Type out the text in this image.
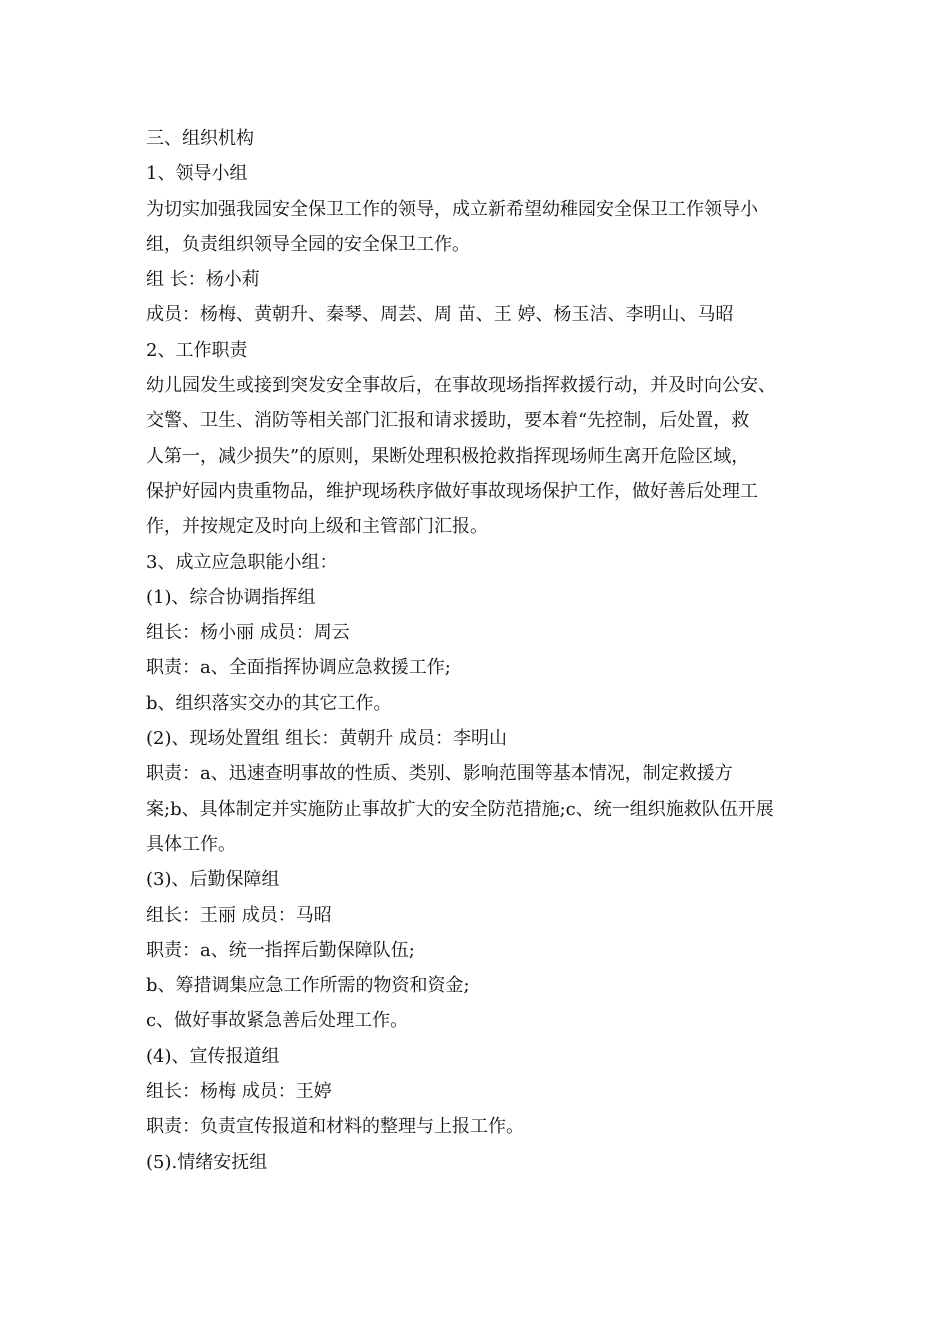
三、组织机构
1、领导小组
为切实加强我园安全保卫工作的领导，成立新希望幼稚园安全保卫工作领导小
组，负责组织领导全园的安全保卫工作。
组 长：杨小莉
成员：杨梅、黄朝升、秦琴、周芸、周 苗、王 婷、杨玉洁、李明山、马昭
2、工作职责
幼儿园发生或接到突发安全事故后，在事故现场指挥救援行动，并及时向公安、
交警、卫生、消防等相关部门汇报和请求援助，要本着“先控制，后处置，救
人第一，减少损失”的原则，果断处理积极抢救指挥现场师生离开危险区域，
保护好园内贵重物品，维护现场秩序做好事故现场保护工作，做好善后处理工
作，并按规定及时向上级和主管部门汇报。
3、成立应急职能小组：
(1)、综合协调指挥组
组长：杨小丽 成员：周云
职责：a、全面指挥协调应急救援工作;
b、组织落实交办的其它工作。
(2)、现场处置组 组长：黄朝升 成员：李明山
职责：a、迅速查明事故的性质、类别、影响范围等基本情况，制定救援方
案;b、具体制定并实施防止事故扩大的安全防范措施;c、统一组织施救队伍开展
具体工作。
(3)、后勤保障组
组长：王丽 成员：马昭
职责：a、统一指挥后勤保障队伍;
b、筹措调集应急工作所需的物资和资金;
c、做好事故紧急善后处理工作。
(4)、宣传报道组
组长：杨梅 成员：王婷
职责：负责宣传报道和材料的整理与上报工作。
(5).情绪安抚组
